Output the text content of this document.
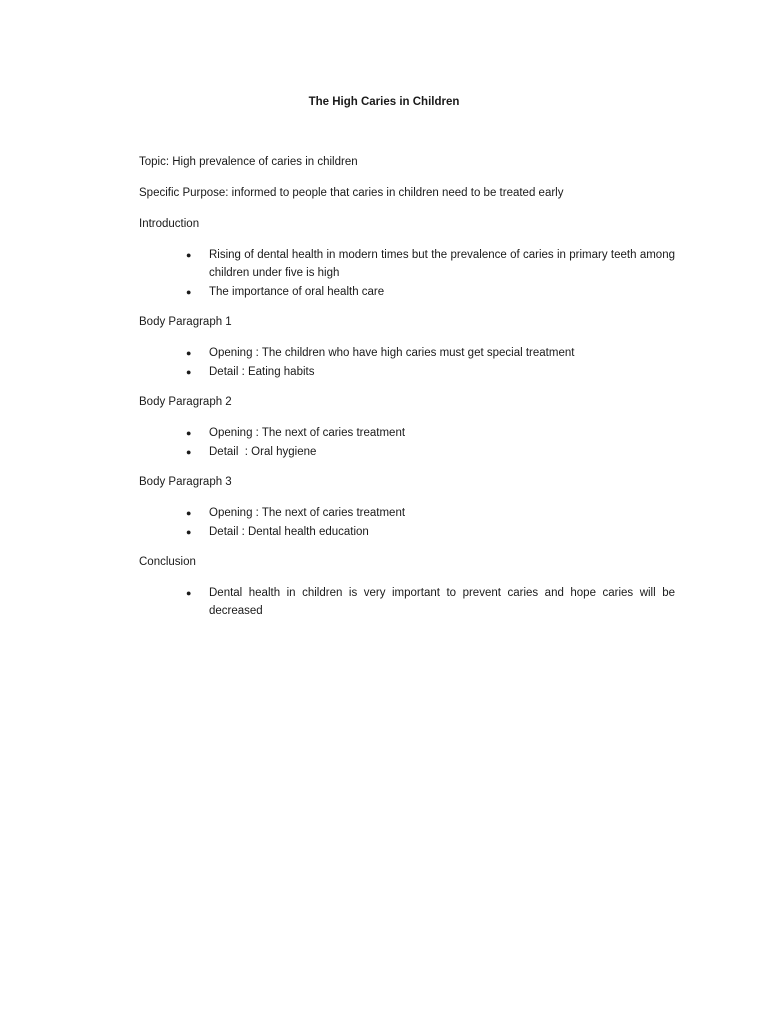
The High Caries in Children

Topic: High prevalence of caries in children

Specific Purpose: informed to people that caries in children need to be treated early

Introduction

● Rising of dental health in modern times but the prevalence of caries in primary teeth among children under five is high
● The importance of oral health care

Body Paragraph 1

● Opening : The children who have high caries must get special treatment
● Detail : Eating habits

Body Paragraph 2

● Opening : The next of caries treatment
● Detail  : Oral hygiene

Body Paragraph 3

● Opening : The next of caries treatment
● Detail : Dental health education

Conclusion

● Dental health in children is very important to prevent caries and hope caries will be decreased
